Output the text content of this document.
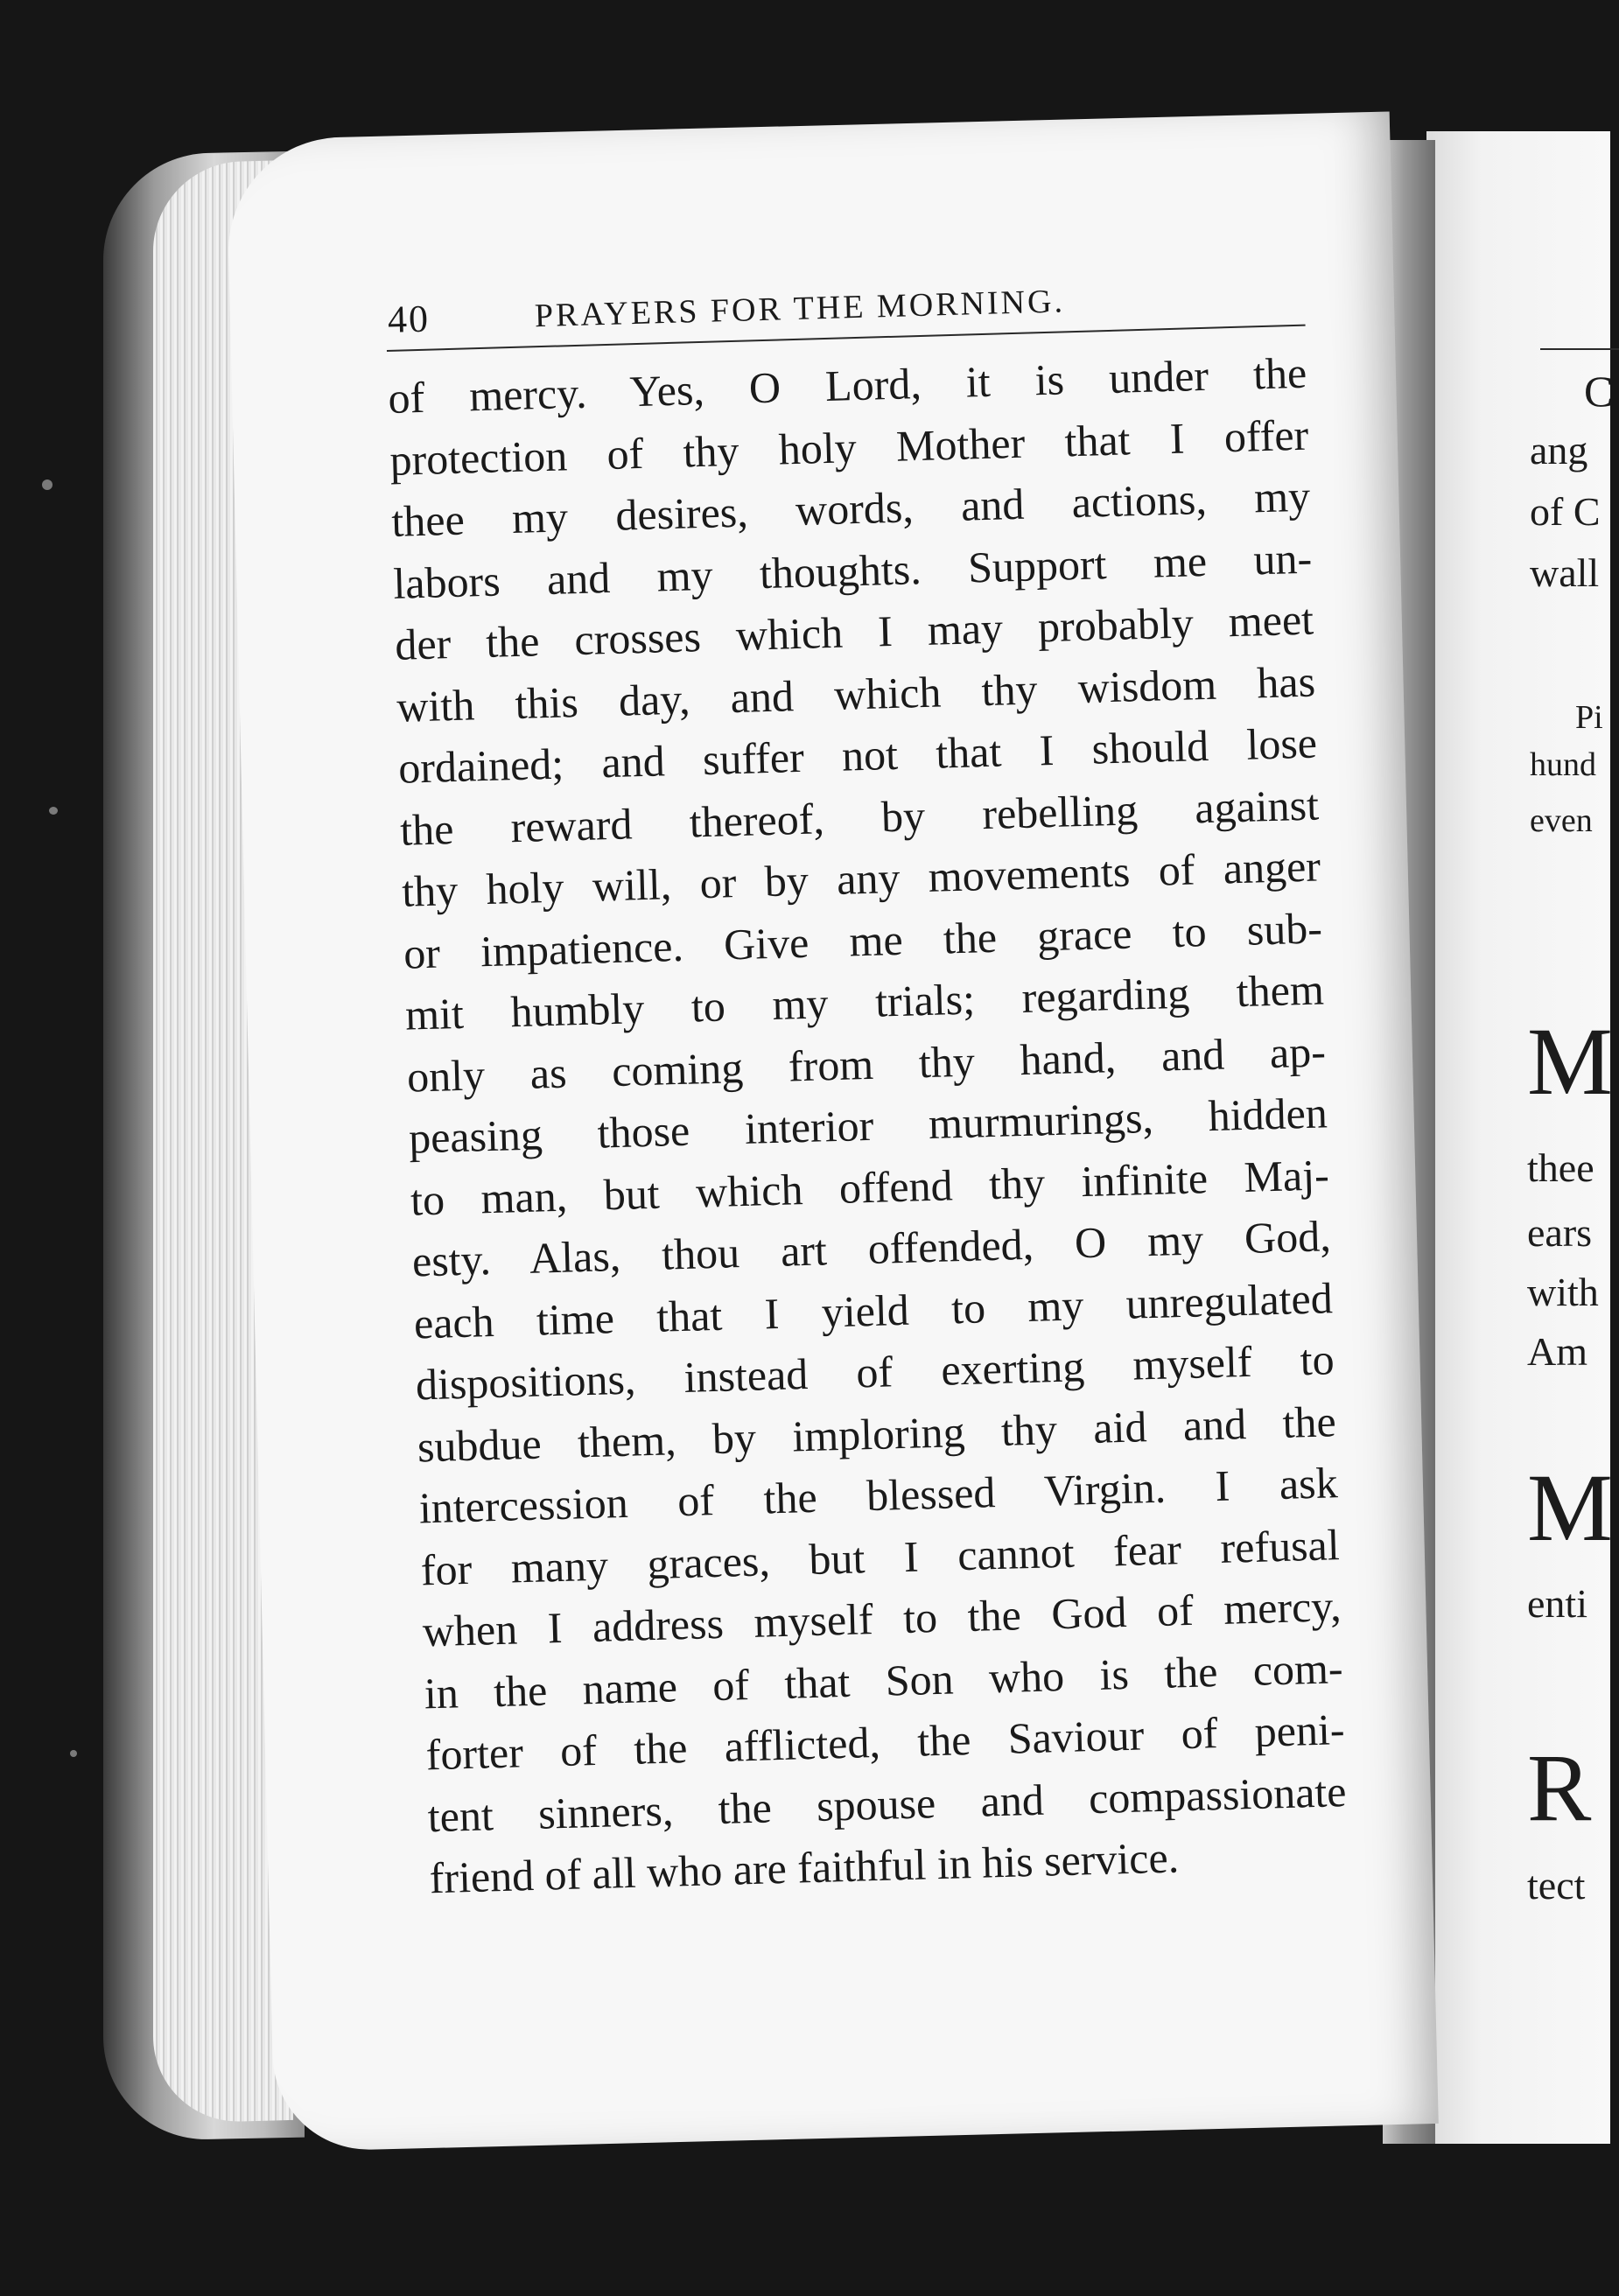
40	PRAYERS FOR THE MORNING.
of mercy. Yes, O Lord, it is under the
protection of thy holy Mother that I offer
thee my desires, words, and actions, my
labors and my thoughts. Support me un-
der the crosses which I may probably meet
with this day, and which thy wisdom has
ordained; and suffer not that I should lose
the reward thereof, by rebelling against
thy holy will, or by any movements of anger
or impatience. Give me the grace to sub-
mit humbly to my trials; regarding them
only as coming from thy hand, and ap-
peasing those interior murmurings, hidden
to man, but which offend thy infinite Maj-
esty. Alas, thou art offended, O my God,
each time that I yield to my unregulated
dispositions, instead of exerting myself to
subdue them, by imploring thy aid and the
intercession of the blessed Virgin. I ask
for many graces, but I cannot fear refusal
when I address myself to the God of mercy,
in the name of that Son who is the com-
forter of the afflicted, the Saviour of peni-
tent sinners, the spouse and compassionate
friend of all who are faithful in his service.
C
ang
of C
wall
Pi
hund
even
M
thee
ears
with
Am
M
enti
R
tect
